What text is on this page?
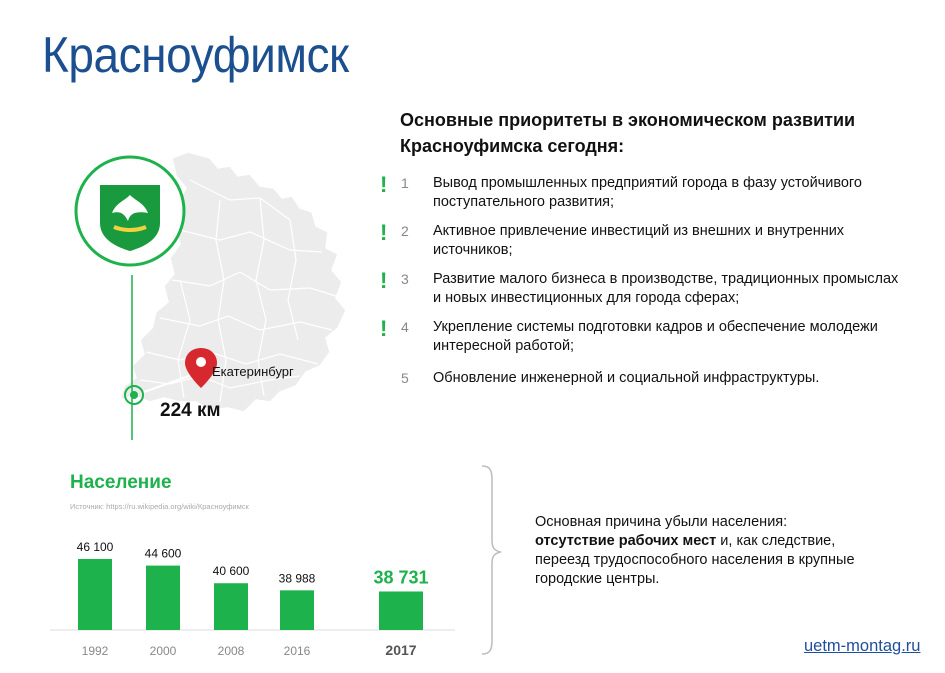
Красноуфимск
Екатеринбург
224 км
Основные приоритеты в экономическом развитии Красноуфимска сегодня:
! 1 Вывод промышленных предприятий города в фазу устойчивого поступательного развития;
! 2 Активное привлечение инвестиций из внешних и внутренних источников;
! 3 Развитие малого бизнеса в производстве, традиционных промыслах и новых инвестиционных для города сферах;
! 4 Укрепление системы подготовки кадров и обеспечение молодежи интересной работой;
5 Обновление инженерной и социальной инфраструктуры.
Население
Источник: https://ru.wikipedia.org/wiki/Красноуфимск
46 100
1992
44 600
2000
40 600
2008
38 988
2016
38 731
2017
Основная причина убыли населения:
отсутствие рабочих мест и, как следствие, переезд трудоспособного населения в крупные городские центры.
uetm-montag.ru
